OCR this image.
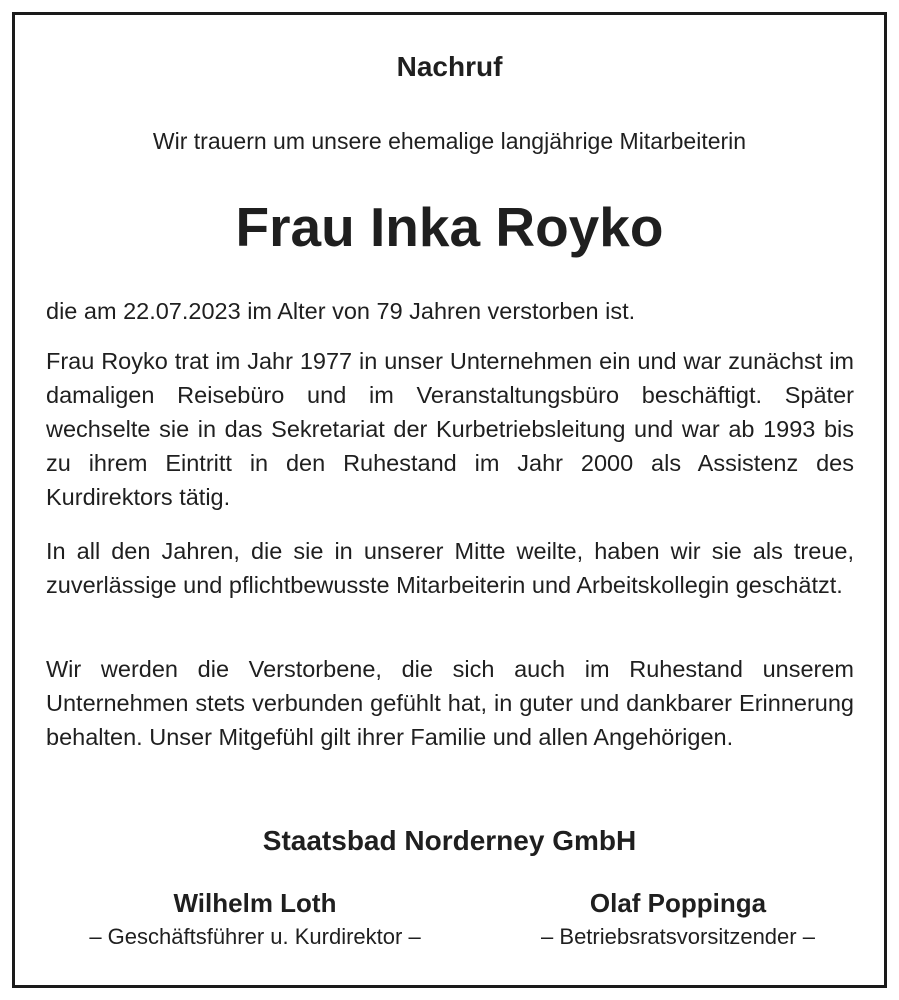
Nachruf
Wir trauern um unsere ehemalige langjährige Mitarbeiterin
Frau Inka Royko

die am 22.07.2023 im Alter von 79 Jahren verstorben ist.

Frau Royko trat im Jahr 1977 in unser Unternehmen ein und war zunächst im damaligen Reisebüro und im Veranstaltungsbüro beschäftigt. Später wechselte sie in das Sekretariat der Kurbetriebsleitung und war ab 1993 bis zu ihrem Eintritt in den Ruhestand im Jahr 2000 als Assistenz des Kurdirektors tätig.

In all den Jahren, die sie in unserer Mitte weilte, haben wir sie als treue, zuverlässige und pflichtbewusste Mitarbeiterin und Arbeitskollegin geschätzt.

Wir werden die Verstorbene, die sich auch im Ruhestand unserem Unternehmen stets verbunden gefühlt hat, in guter und dankbarer Erinnerung behalten. Unser Mitgefühl gilt ihrer Familie und allen Angehörigen.

Staatsbad Norderney GmbH
Wilhelm Loth
– Geschäftsführer u. Kurdirektor –
Olaf Poppinga
– Betriebsratsvorsitzender –
